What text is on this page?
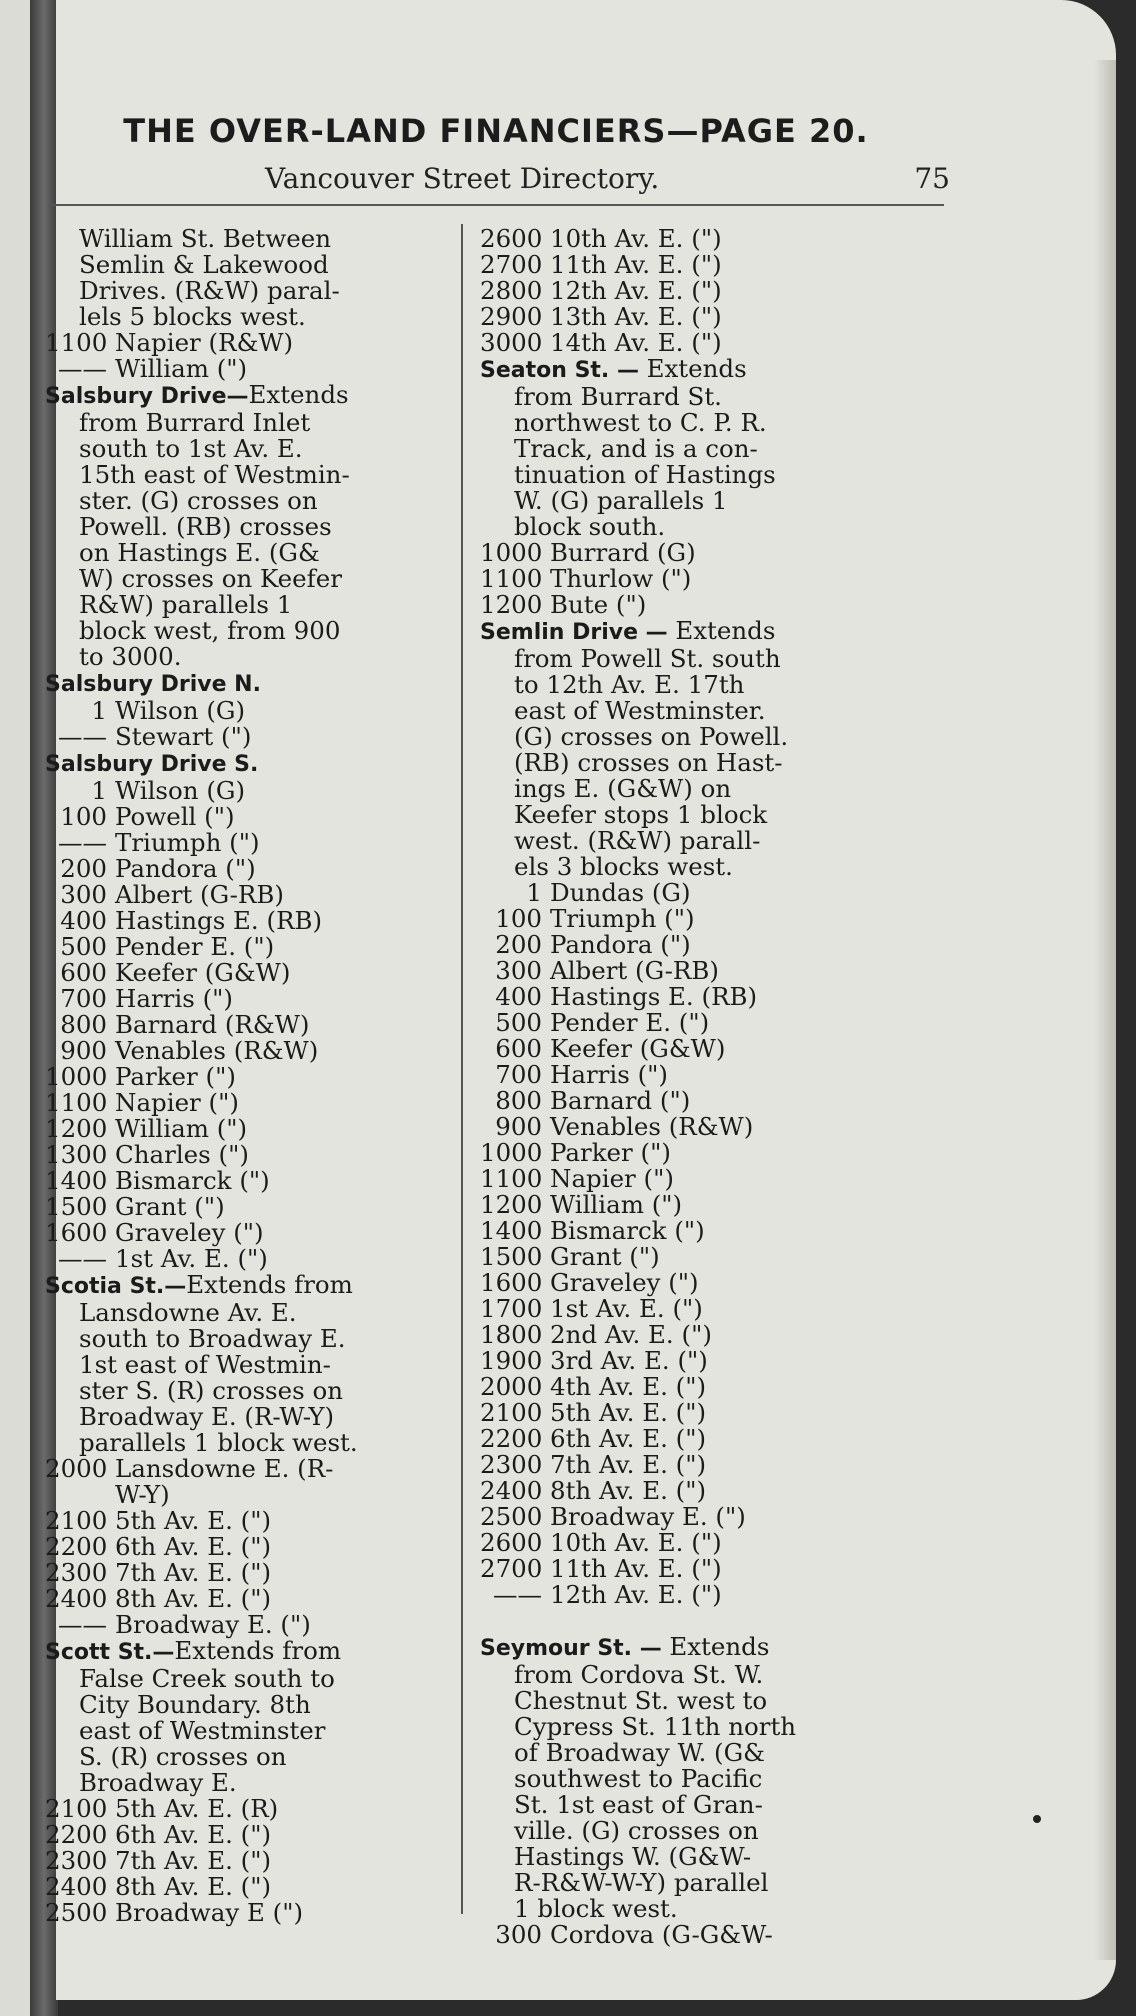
THE OVER-LAND FINANCIERS—PAGE 20.
Vancouver Street Directory.	75
William St. Between
Semlin & Lakewood
Drives. (R&W) paral-
lels 5 blocks west.
1100 Napier (R&W)
—— William (")
Salsbury Drive—Extends
from Burrard Inlet
south to 1st Av. E.
15th east of Westmin-
ster. (G) crosses on
Powell. (RB) crosses
on Hastings E. (G&
W) crosses on Keefer
R&W) parallels 1
block west, from 900
to 3000.
Salsbury Drive N.
1 Wilson (G)
—— Stewart (")
Salsbury Drive S.
1 Wilson (G)
100 Powell (")
—— Triumph (")
200 Pandora (")
300 Albert (G-RB)
400 Hastings E. (RB)
500 Pender E. (")
600 Keefer (G&W)
700 Harris (")
800 Barnard (R&W)
900 Venables (R&W)
1000 Parker (")
1100 Napier (")
1200 William (")
1300 Charles (")
1400 Bismarck (")
1500 Grant (")
1600 Graveley (")
—— 1st Av. E. (")
Scotia St.—Extends from
Lansdowne Av. E.
south to Broadway E.
1st east of Westmin-
ster S. (R) crosses on
Broadway E. (R-W-Y)
parallels 1 block west.
2000 Lansdowne E. (R-
W-Y)
2100 5th Av. E. (")
2200 6th Av. E. (")
2300 7th Av. E. (")
2400 8th Av. E. (")
—— Broadway E. (")
Scott St.—Extends from
False Creek south to
City Boundary. 8th
east of Westminster
S. (R) crosses on
Broadway E.
2100 5th Av. E. (R)
2200 6th Av. E. (")
2300 7th Av. E. (")
2400 8th Av. E. (")
2500 Broadway E (")
2600 10th Av. E. (")
2700 11th Av. E. (")
2800 12th Av. E. (")
2900 13th Av. E. (")
3000 14th Av. E. (")
Seaton St. — Extends
from Burrard St.
northwest to C. P. R.
Track, and is a con-
tinuation of Hastings
W. (G) parallels 1
block south.
1000 Burrard (G)
1100 Thurlow (")
1200 Bute (")
Semlin Drive — Extends
from Powell St. south
to 12th Av. E. 17th
east of Westminster.
(G) crosses on Powell.
(RB) crosses on Hast-
ings E. (G&W) on
Keefer stops 1 block
west. (R&W) parall-
els 3 blocks west.
1 Dundas (G)
100 Triumph (")
200 Pandora (")
300 Albert (G-RB)
400 Hastings E. (RB)
500 Pender E. (")
600 Keefer (G&W)
700 Harris (")
800 Barnard (")
900 Venables (R&W)
1000 Parker (")
1100 Napier (")
1200 William (")
1400 Bismarck (")
1500 Grant (")
1600 Graveley (")
1700 1st Av. E. (")
1800 2nd Av. E. (")
1900 3rd Av. E. (")
2000 4th Av. E. (")
2100 5th Av. E. (")
2200 6th Av. E. (")
2300 7th Av. E. (")
2400 8th Av. E. (")
2500 Broadway E. (")
2600 10th Av. E. (")
2700 11th Av. E. (")
—— 12th Av. E. (")

Seymour St. — Extends
from Cordova St. W.
Chestnut St. west to
Cypress St. 11th north
of Broadway W. (G&
southwest to Pacific
St. 1st east of Gran-
ville. (G) crosses on
Hastings W. (G&W-
R-R&W-W-Y) parallel
1 block west.
300 Cordova (G-G&W-
